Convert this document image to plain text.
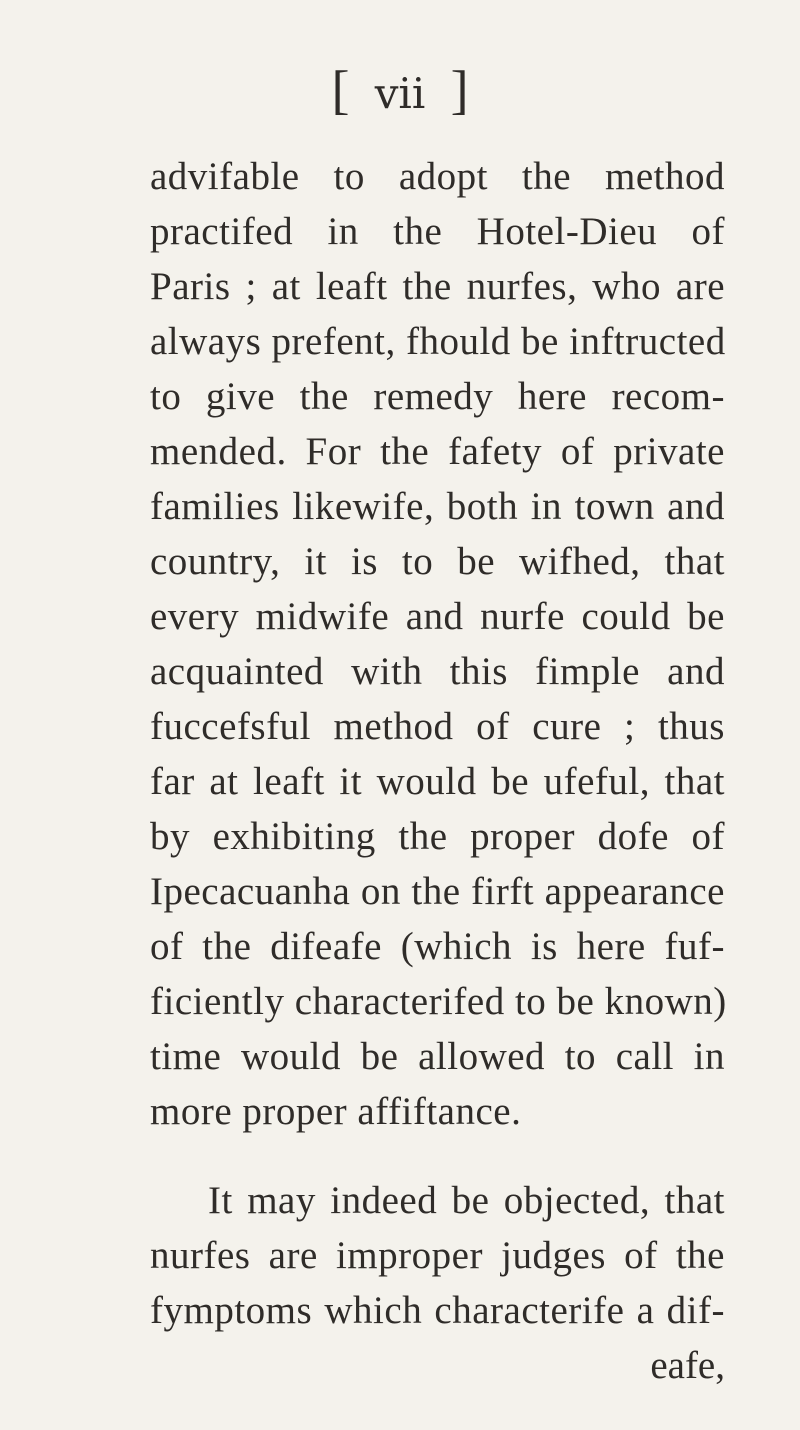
[ vii ]
advifable to adopt the method
practifed in the Hotel-Dieu of
Paris ; at leaft the nurfes, who are
always prefent, fhould be inftructed
to give the remedy here recom-
mended. For the fafety of private
families likewife, both in town and
country, it is to be wifhed, that
every midwife and nurfe could be
acquainted with this fimple and
fuccefsful method of cure ; thus
far at leaft it would be ufeful, that
by exhibiting the proper dofe of
Ipecacuanha on the firft appearance
of the difeafe (which is here fuf-
ficiently characterifed to be known)
time would be allowed to call in
more proper affiftance.
It may indeed be objected, that
nurfes are improper judges of the
fymptoms which characterife a dif-
eafe,
